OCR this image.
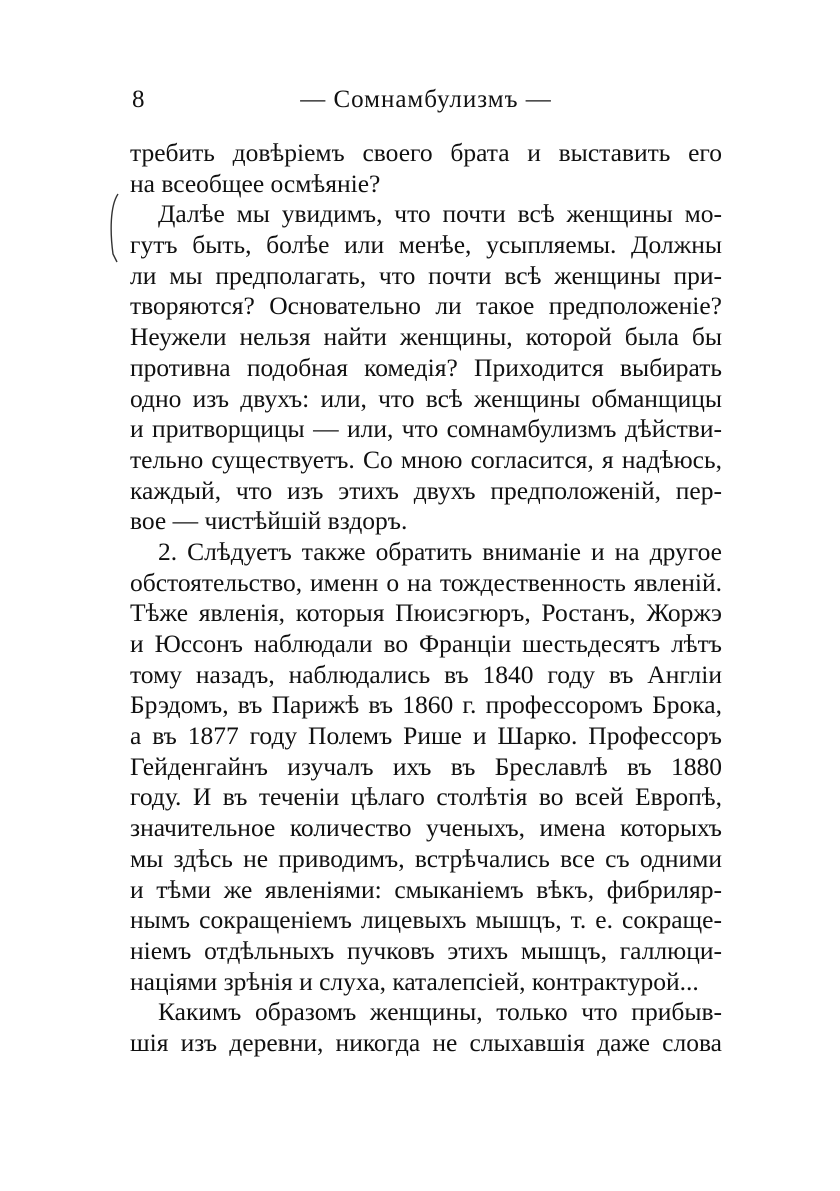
8	— Сомнамбулизмъ —
требить довѣріемъ своего брата и выставить его
на всеобщее осмѣяніе?
Далѣе мы увидимъ, что почти всѣ женщины мо-
гутъ быть, болѣе или менѣе, усыпляемы. Должны
ли мы предполагать, что почти всѣ женщины при-
творяются? Основательно ли такое предположеніе?
Неужели нельзя найти женщины, которой была бы
противна подобная комедія? Приходится выбирать
одно изъ двухъ: или, что всѣ женщины обманщицы
и притворщицы — или, что сомнамбулизмъ дѣйстви-
тельно существуетъ. Со мною согласится, я надѣюсь,
каждый, что изъ этихъ двухъ предположеній, пер-
вое — чистѣйшій вздоръ.
2. Слѣдуетъ также обратить вниманіе и на другое
обстоятельство, именн о на тождественность явленій.
Тѣже явленія, которыя Пюисэгюръ, Ростанъ, Жоржэ
и Юссонъ наблюдали во Франціи шестьдесятъ лѣтъ
тому назадъ, наблюдались въ 1840 году въ Англіи
Брэдомъ, въ Парижѣ въ 1860 г. профессоромъ Брока,
а въ 1877 году Полемъ Рише и Шарко. Профессоръ
Гейденгайнъ изучалъ ихъ въ Бреславлѣ въ 1880
году. И въ теченіи цѣлаго столѣтія во всей Европѣ,
значительное количество ученыхъ, имена которыхъ
мы здѣсь не приводимъ, встрѣчались все съ одними
и тѣми же явленіями: смыканіемъ вѣкъ, фибриляр-
нымъ сокращеніемъ лицевыхъ мышцъ, т. е. сокраще-
ніемъ отдѣльныхъ пучковъ этихъ мышцъ, галлюци-
націями зрѣнія и слуха, каталепсіей, контрактурой...
Какимъ образомъ женщины, только что прибыв-
шія изъ деревни, никогда не слыхавшія даже слова
